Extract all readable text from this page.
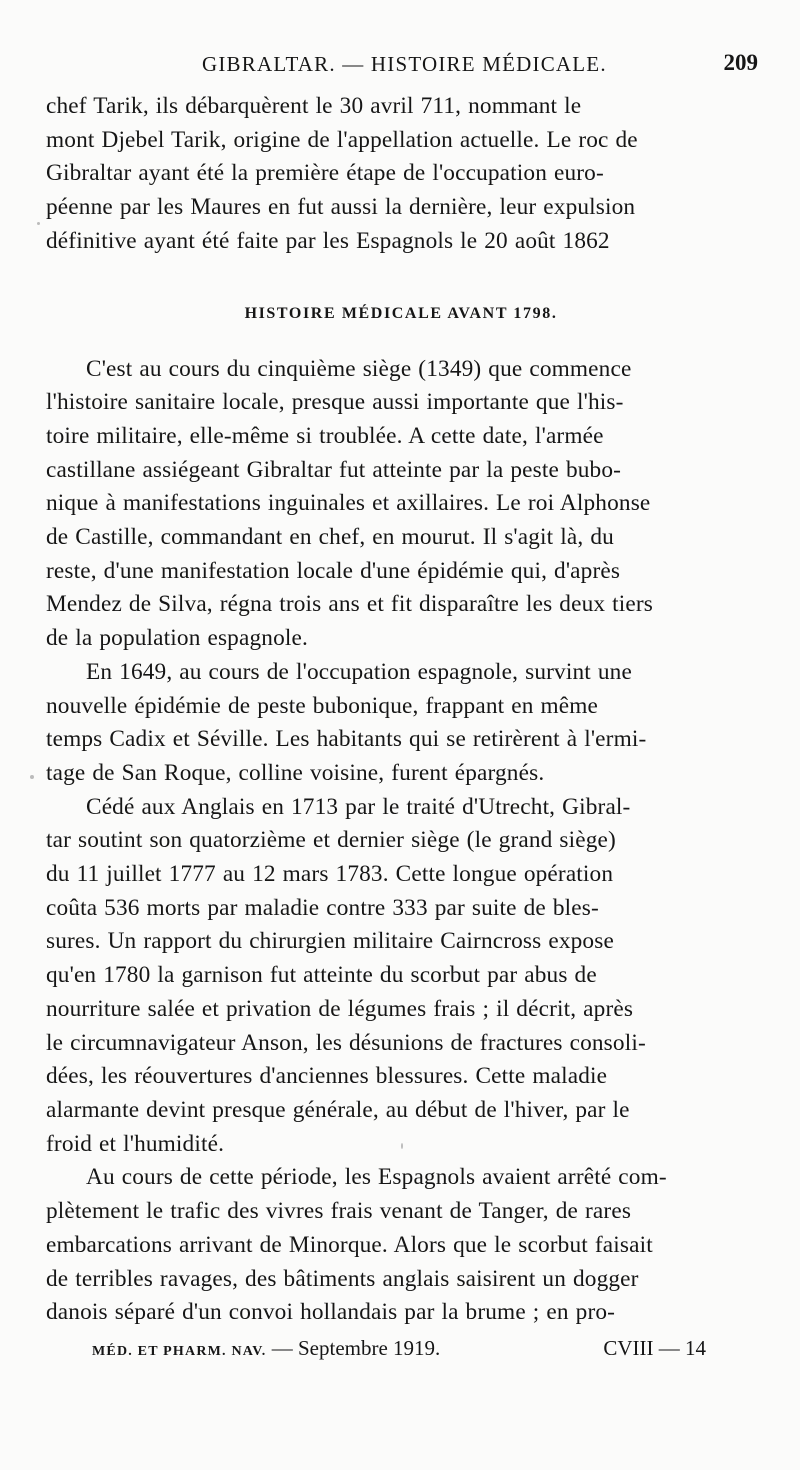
GIBRALTAR. — HISTOIRE MÉDICALE.	209

chef Tarik, ils débarquèrent le 30 avril 711, nommant le
mont Djebel Tarik, origine de l'appellation actuelle. Le roc de
Gibraltar ayant été la première étape de l'occupation euro-
péenne par les Maures en fut aussi la dernière, leur expulsion
définitive ayant été faite par les Espagnols le 20 août 1862

HISTOIRE MÉDICALE AVANT 1798.

C'est au cours du cinquième siège (1349) que commence
l'histoire sanitaire locale, presque aussi importante que l'his-
toire militaire, elle-même si troublée. A cette date, l'armée
castillane assiégeant Gibraltar fut atteinte par la peste bubo-
nique à manifestations inguinales et axillaires. Le roi Alphonse
de Castille, commandant en chef, en mourut. Il s'agit là, du
reste, d'une manifestation locale d'une épidémie qui, d'après
Mendez de Silva, régna trois ans et fit disparaître les deux tiers
de la population espagnole.

En 1649, au cours de l'occupation espagnole, survint une
nouvelle épidémie de peste bubonique, frappant en même
temps Cadix et Séville. Les habitants qui se retirèrent à l'ermi-
tage de San Roque, colline voisine, furent épargnés.

Cédé aux Anglais en 1713 par le traité d'Utrecht, Gibral-
tar soutint son quatorzième et dernier siège (le grand siège)
du 11 juillet 1777 au 12 mars 1783. Cette longue opération
coûta 536 morts par maladie contre 333 par suite de bles-
sures. Un rapport du chirurgien militaire Cairncross expose
qu'en 1780 la garnison fut atteinte du scorbut par abus de
nourriture salée et privation de légumes frais ; il décrit, après
le circumnavigateur Anson, les désunions de fractures consoli-
dées, les réouvertures d'anciennes blessures. Cette maladie
alarmante devint presque générale, au début de l'hiver, par le
froid et l'humidité.

Au cours de cette période, les Espagnols avaient arrêté com-
plètement le trafic des vivres frais venant de Tanger, de rares
embarcations arrivant de Minorque. Alors que le scorbut faisait
de terribles ravages, des bâtiments anglais saisirent un dogger
danois séparé d'un convoi hollandais par la brume ; en pro-

MÉD. ET PHARM. NAV. — Septembre 1919.	CVIII — 14
